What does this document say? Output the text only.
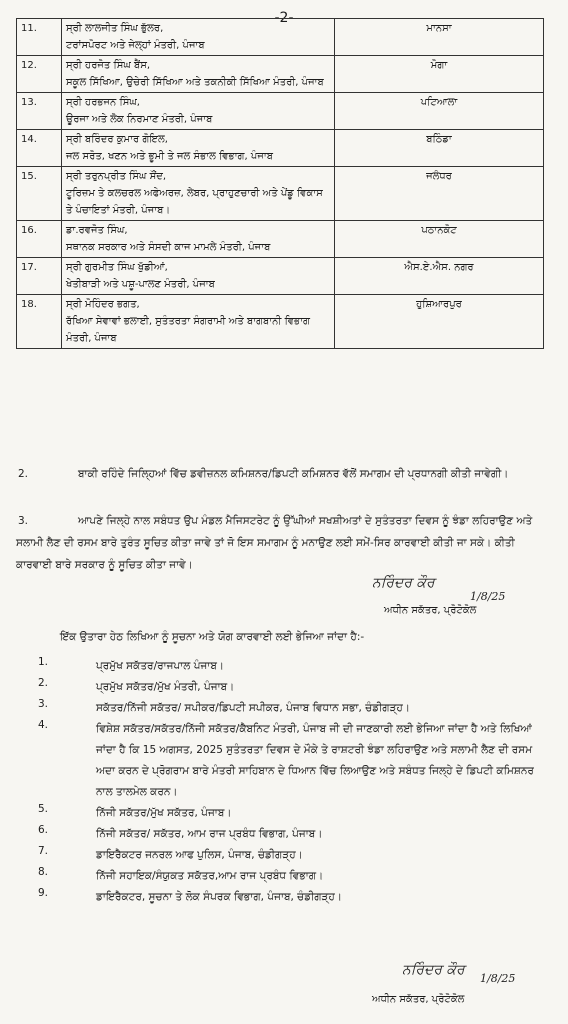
-2-
11.	ਸ੍ਰੀ ਲਾਲਜੀਤ ਸਿੰਘ ਭੁੱਲਰ,
ਟਰਾਂਸਪੋਰਟ ਅਤੇ ਜੇਲ੍ਹਾਂ ਮੰਤਰੀ, ਪੰਜਾਬ	ਮਾਨਸਾ
12.	ਸ੍ਰੀ ਹਰਜੋਤ ਸਿੰਘ ਬੈਂਸ,
ਸਕੂਲ ਸਿੱਖਿਆ, ਉਚੇਰੀ ਸਿੱਖਿਆ ਅਤੇ ਤਕਨੀਕੀ ਸਿੱਖਿਆ ਮੰਤਰੀ, ਪੰਜਾਬ	ਮੋਗਾ
13.	ਸ੍ਰੀ ਹਰਭਜਨ ਸਿੰਘ,
ਊਰਜਾ ਅਤੇ ਲੋਕ ਨਿਰਮਾਣ ਮੰਤਰੀ, ਪੰਜਾਬ	ਪਟਿਆਲਾ
14.	ਸ੍ਰੀ ਬਰਿੰਦਰ ਕੁਮਾਰ ਗੋਇਲ,
ਜਲ ਸਰੋਤ, ਖਣਨ ਅਤੇ ਭੂਮੀ ਤੇ ਜਲ ਸੰਭਾਲ ਵਿਭਾਗ, ਪੰਜਾਬ	ਬਠਿੰਡਾ
15.	ਸ੍ਰੀ ਤਰੁਨਪ੍ਰੀਤ ਸਿੰਘ ਸੌਂਦ,
ਟੂਰਿਜ਼ਮ ਤੇ ਕਲਚਰਲ ਅਫੇਅਰਜ਼, ਲੇਬਰ, ਪ੍ਰਾਹੁਣਚਾਰੀ ਅਤੇ ਪੇਂਡੂ ਵਿਕਾਸ ਤੇ ਪੰਚਾਇਤਾਂ ਮੰਤਰੀ, ਪੰਜਾਬ।	ਜਲੰਧਰ
16.	ਡਾ.ਰਵਜੋਤ ਸਿੰਘ,
ਸਥਾਨਕ ਸਰਕਾਰ ਅਤੇ ਸੰਸਦੀ ਕਾਜ ਮਾਮਲੇ ਮੰਤਰੀ, ਪੰਜਾਬ	ਪਠਾਨਕੋਟ
17.	ਸ੍ਰੀ ਗੁਰਮੀਤ ਸਿੰਘ ਖੁੱਡੀਆਂ,
ਖੇਤੀਬਾੜੀ ਅਤੇ ਪਸ਼ੂ-ਪਾਲਣ ਮੰਤਰੀ, ਪੰਜਾਬ	ਐਸ.ਏ.ਐਸ. ਨਗਰ
18.	ਸ੍ਰੀ ਮੋਹਿੰਦਰ ਭਗਤ,
ਰੱਖਿਆ ਸੇਵਾਵਾਂ ਭਲਾਈ, ਸੁਤੰਤਰਤਾ ਸੰਗਰਾਮੀ ਅਤੇ ਬਾਗਬਾਨੀ ਵਿਭਾਗ ਮੰਤਰੀ, ਪੰਜਾਬ	ਹੁਸ਼ਿਆਰਪੁਰ
2.	ਬਾਕੀ ਰਹਿੰਦੇ ਜਿਲ੍ਹਿਆਂ ਵਿੱਚ ਡਵੀਜ਼ਨਲ ਕਮਿਸ਼ਨਰ/ਡਿਪਟੀ ਕਮਿਸ਼ਨਰ ਵੱਲੋਂ ਸਮਾਗਮ ਦੀ ਪ੍ਰਧਾਨਗੀ ਕੀਤੀ ਜਾਵੇਗੀ।
3.	ਆਪਣੇ ਜਿਲ੍ਹੇ ਨਾਲ ਸਬੰਧਤ ਉਪ ਮੰਡਲ ਮੈਜਿਸਟਰੇਟ ਨੂੰ ਉੱਘੀਆਂ ਸਖਸ਼ੀਅਤਾਂ ਦੇ ਸੁਤੰਤਰਤਾ ਦਿਵਸ ਨੂੰ ਝੰਡਾ ਲਹਿਰਾਉਣ ਅਤੇ ਸਲਾਮੀ ਲੈਣ ਦੀ ਰਸਮ ਬਾਰੇ ਤੁਰੰਤ ਸੂਚਿਤ ਕੀਤਾ ਜਾਵੇ ਤਾਂ ਜੋ ਇਸ ਸਮਾਗਮ ਨੂੰ ਮਨਾਉਣ ਲਈ ਸਮੇਂ-ਸਿਰ ਕਾਰਵਾਈ ਕੀਤੀ ਜਾ ਸਕੇ। ਕੀਤੀ ਕਾਰਵਾਈ ਬਾਰੇ ਸਰਕਾਰ ਨੂੰ ਸੂਚਿਤ ਕੀਤਾ ਜਾਵੇ।
ਨਰਿੰਦਰ ਕੌਰ
1/8/25
ਅਧੀਨ ਸਕੱਤਰ, ਪ੍ਰੋਟੋਕੋਲ
ਇੱਕ ਉਤਾਰਾ ਹੇਠ ਲਿਖਿਆ ਨੂੰ ਸੂਚਨਾ ਅਤੇ ਯੋਗ ਕਾਰਵਾਈ ਲਈ ਭੇਜਿਆ ਜਾਂਦਾ ਹੈ:-
1.	ਪ੍ਰਮੁੱਖ ਸਕੱਤਰ/ਰਾਜਪਾਲ ਪੰਜਾਬ।
2.	ਪ੍ਰਮੁੱਖ ਸਕੱਤਰ/ਮੁੱਖ ਮੰਤਰੀ, ਪੰਜਾਬ।
3.	ਸਕੱਤਰ/ਨਿੱਜੀ ਸਕੱਤਰ/ ਸਪੀਕਰ/ਡਿਪਟੀ ਸਪੀਕਰ, ਪੰਜਾਬ ਵਿਧਾਨ ਸਭਾ, ਚੰਡੀਗੜ੍ਹ।
4.	ਵਿਸ਼ੇਸ਼ ਸਕੱਤਰ/ਸਕੱਤਰ/ਨਿੱਜੀ ਸਕੱਤਰ/ਕੈਬਨਿਟ ਮੰਤਰੀ, ਪੰਜਾਬ ਜੀ ਦੀ ਜਾਣਕਾਰੀ ਲਈ ਭੇਜਿਆ ਜਾਂਦਾ ਹੈ ਅਤੇ ਲਿਖਿਆਂ ਜਾਂਦਾ ਹੈ ਕਿ 15 ਅਗਸਤ, 2025 ਸੁਤੰਤਰਤਾ ਦਿਵਸ ਦੇ ਮੌਕੇ ਤੇ ਰਾਸ਼ਟਰੀ ਝੰਡਾ ਲਹਿਰਾਉਣ ਅਤੇ ਸਲਾਮੀ ਲੈਣ ਦੀ ਰਸਮ ਅਦਾ ਕਰਨ ਦੇ ਪ੍ਰੋਗਰਾਮ ਬਾਰੇ ਮੰਤਰੀ ਸਾਹਿਬਾਨ ਦੇ ਧਿਆਨ ਵਿੱਚ ਲਿਆਉਣ ਅਤੇ ਸਬੰਧਤ ਜਿਲ੍ਹੇ ਦੇ ਡਿਪਟੀ ਕਮਿਸ਼ਨਰ ਨਾਲ ਤਾਲਮੇਲ ਕਰਨ।
5.	ਨਿੱਜੀ ਸਕੱਤਰ/ਮੁੱਖ ਸਕੱਤਰ, ਪੰਜਾਬ।
6.	ਨਿੱਜੀ ਸਕੱਤਰ/ ਸਕੱਤਰ, ਆਮ ਰਾਜ ਪ੍ਰਬੰਧ ਵਿਭਾਗ, ਪੰਜਾਬ।
7.	ਡਾਇਰੈਕਟਰ ਜਨਰਲ ਆਫ ਪੁਲਿਸ, ਪੰਜਾਬ, ਚੰਡੀਗੜ੍ਹ।
8.	ਨਿੱਜੀ ਸਹਾਇਕ/ਸੰਯੁਕਤ ਸਕੱਤਰ,ਆਮ ਰਾਜ ਪ੍ਰਬੰਧ ਵਿਭਾਗ।
9.	ਡਾਇਰੈਕਟਰ, ਸੂਚਨਾ ਤੇ ਲੋਕ ਸੰਪਰਕ ਵਿਭਾਗ, ਪੰਜਾਬ, ਚੰਡੀਗੜ੍ਹ।
ਨਰਿੰਦਰ ਕੌਰ
1/8/25
ਅਧੀਨ ਸਕੱਤਰ, ਪ੍ਰੋਟੋਕੋਲ
